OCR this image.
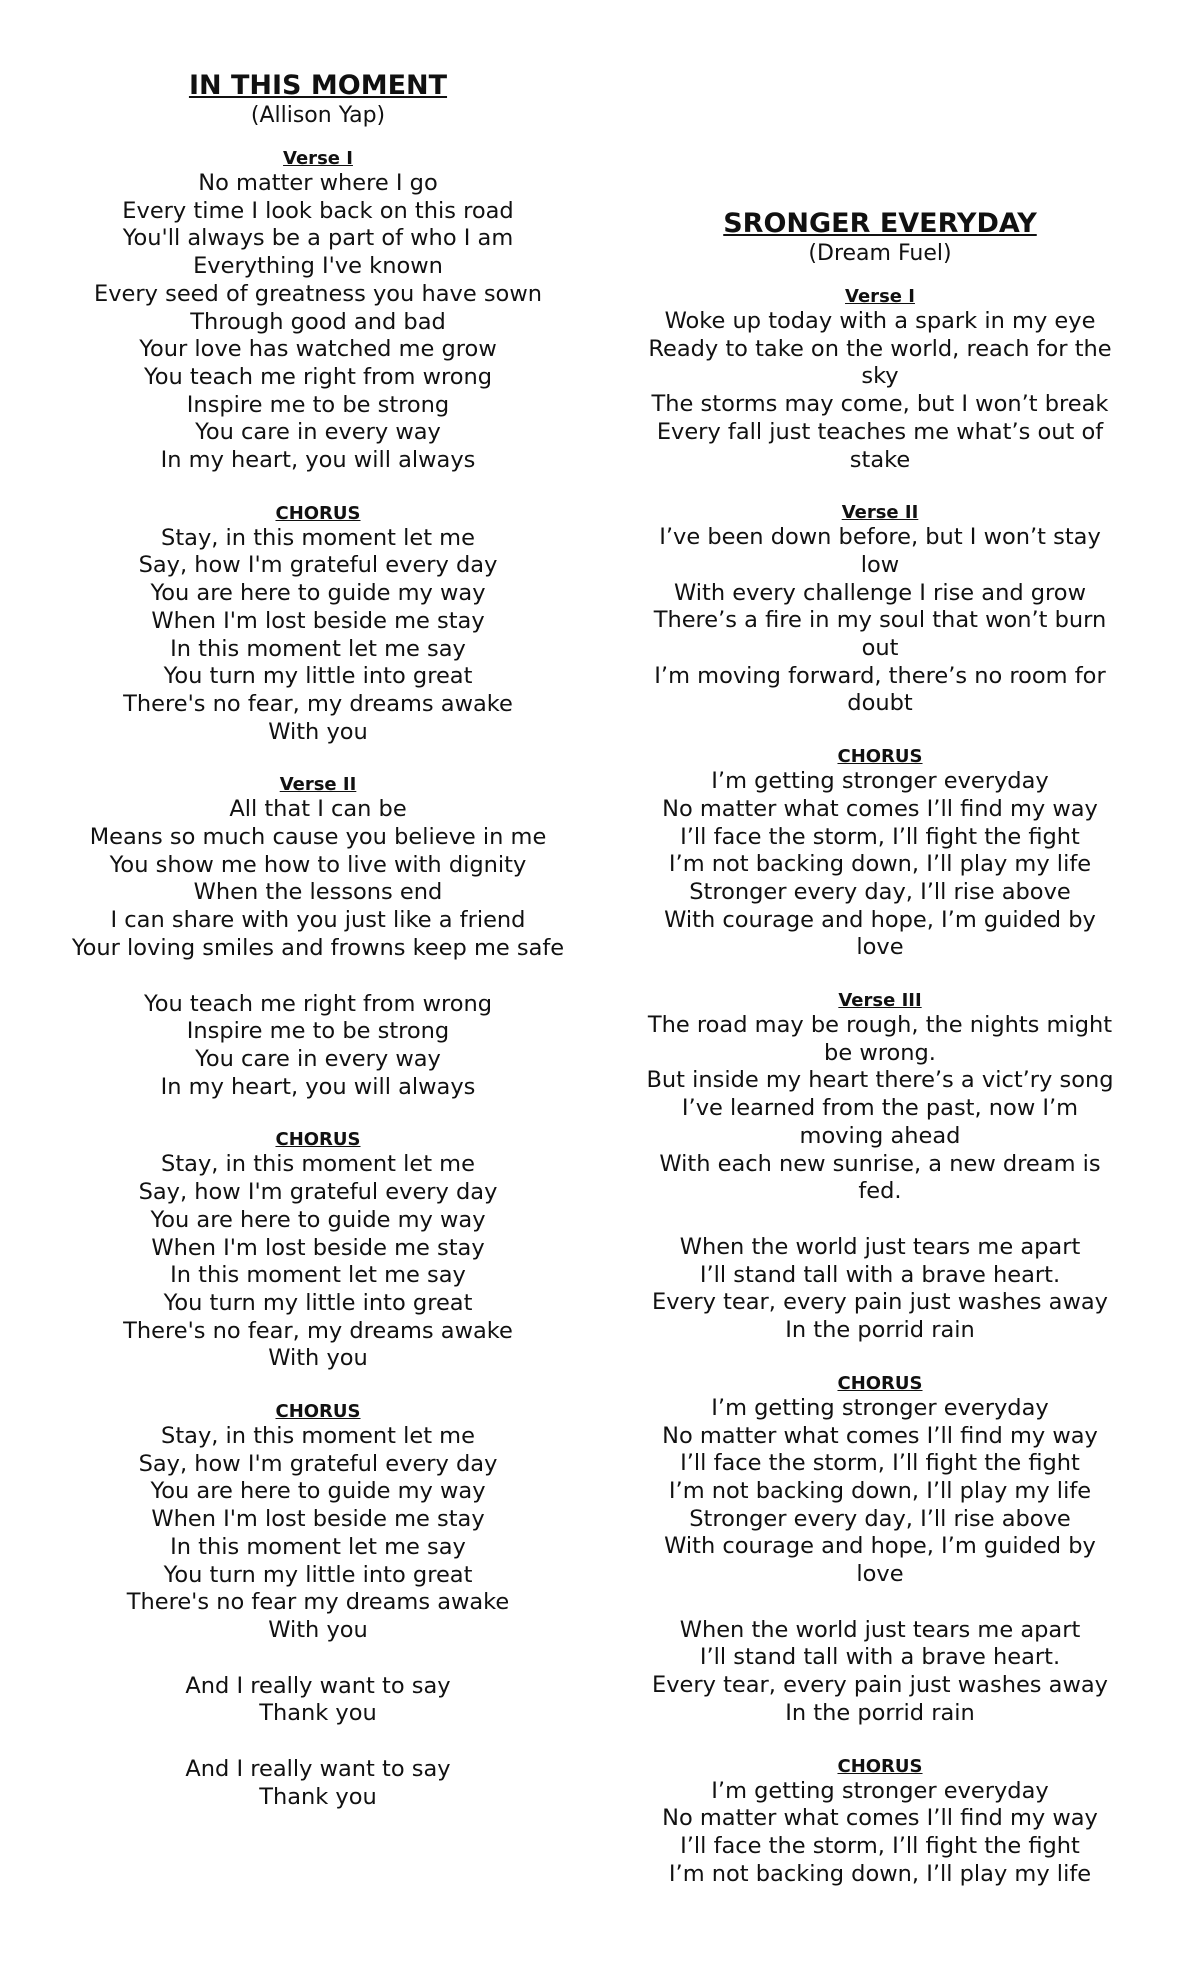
IN THIS MOMENT
(Allison Yap)
Verse I
No matter where I go
Every time I look back on this road
You'll always be a part of who I am
Everything I've known
Every seed of greatness you have sown
Through good and bad
Your love has watched me grow
You teach me right from wrong
Inspire me to be strong
You care in every way
In my heart, you will always
CHORUS
Stay, in this moment let me
Say, how I'm grateful every day
You are here to guide my way
When I'm lost beside me stay
In this moment let me say
You turn my little into great
There's no fear, my dreams awake
With you
Verse II
All that I can be
Means so much cause you believe in me
You show me how to live with dignity
When the lessons end
I can share with you just like a friend
Your loving smiles and frowns keep me safe
You teach me right from wrong
Inspire me to be strong
You care in every way
In my heart, you will always
CHORUS
Stay, in this moment let me
Say, how I'm grateful every day
You are here to guide my way
When I'm lost beside me stay
In this moment let me say
You turn my little into great
There's no fear, my dreams awake
With you
CHORUS
Stay, in this moment let me
Say, how I'm grateful every day
You are here to guide my way
When I'm lost beside me stay
In this moment let me say
You turn my little into great
There's no fear my dreams awake
With you
And I really want to say
Thank you
And I really want to say
Thank you
SRONGER EVERYDAY
(Dream Fuel)
Verse I
Woke up today with a spark in my eye
Ready to take on the world, reach for the sky
The storms may come, but I won’t break
Every fall just teaches me what’s out of stake
Verse II
I’ve been down before, but I won’t stay low
With every challenge I rise and grow
There’s a fire in my soul that won’t burn out
I’m moving forward, there’s no room for doubt
CHORUS
I’m getting stronger everyday
No matter what comes I’ll find my way
I’ll face the storm, I’ll fight the fight
I’m not backing down, I’ll play my life
Stronger every day, I’ll rise above
With courage and hope, I’m guided by love
Verse III
The road may be rough, the nights might be wrong.
But inside my heart there’s a vict’ry song
I’ve learned from the past, now I’m moving ahead
With each new sunrise, a new dream is fed.
When the world just tears me apart
I’ll stand tall with a brave heart.
Every tear, every pain just washes away
In the porrid rain
CHORUS
I’m getting stronger everyday
No matter what comes I’ll find my way
I’ll face the storm, I’ll fight the fight
I’m not backing down, I’ll play my life
Stronger every day, I’ll rise above
With courage and hope, I’m guided by love
When the world just tears me apart
I’ll stand tall with a brave heart.
Every tear, every pain just washes away
In the porrid rain
CHORUS
I’m getting stronger everyday
No matter what comes I’ll find my way
I’ll face the storm, I’ll fight the fight
I’m not backing down, I’ll play my life
